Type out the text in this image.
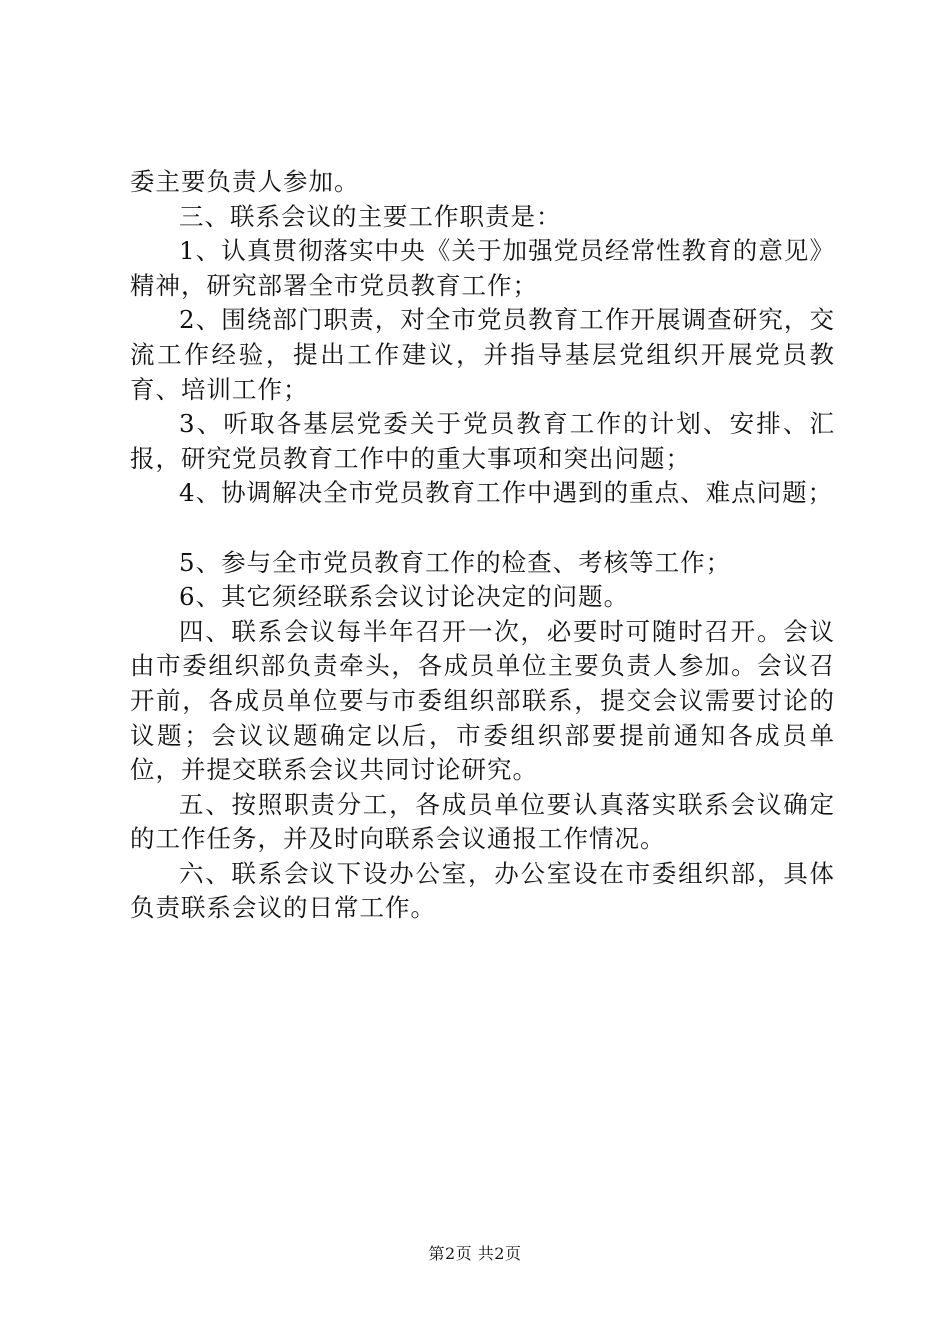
委主要负责人参加。

三、联系会议的主要工作职责是：

1、认真贯彻落实中央《关于加强党员经常性教育的意见》精神，研究部署全市党员教育工作；

2、围绕部门职责，对全市党员教育工作开展调查研究，交流工作经验，提出工作建议，并指导基层党组织开展党员教育、培训工作；

3、听取各基层党委关于党员教育工作的计划、安排、汇报，研究党员教育工作中的重大事项和突出问题；

4、协调解决全市党员教育工作中遇到的重点、难点问题；

5、参与全市党员教育工作的检查、考核等工作；

6、其它须经联系会议讨论决定的问题。

四、联系会议每半年召开一次，必要时可随时召开。会议由市委组织部负责牵头，各成员单位主要负责人参加。会议召开前，各成员单位要与市委组织部联系，提交会议需要讨论的议题；会议议题确定以后，市委组织部要提前通知各成员单位，并提交联系会议共同讨论研究。

五、按照职责分工，各成员单位要认真落实联系会议确定的工作任务，并及时向联系会议通报工作情况。

六、联系会议下设办公室，办公室设在市委组织部，具体负责联系会议的日常工作。

第2页 共2页
